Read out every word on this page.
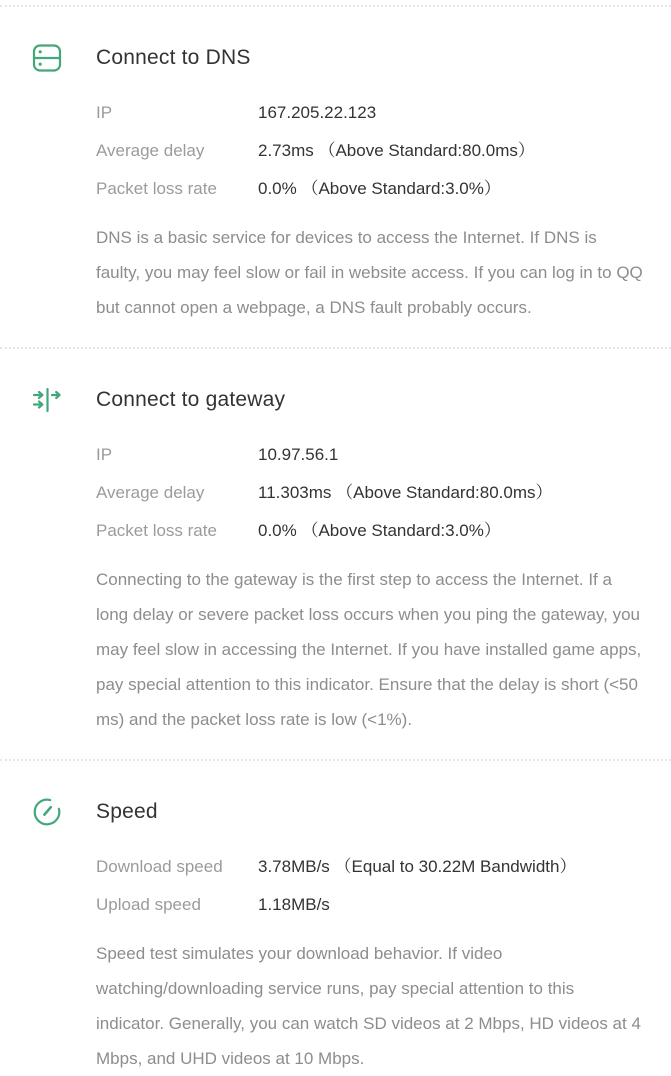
Connect to DNS
IP	167.205.22.123
Average delay	2.73ms （Above Standard:80.0ms）
Packet loss rate	0.0% （Above Standard:3.0%）
DNS is a basic service for devices to access the Internet. If DNS is faulty, you may feel slow or fail in website access. If you can log in to QQ but cannot open a webpage, a DNS fault probably occurs.
Connect to gateway
IP	10.97.56.1
Average delay	11.303ms （Above Standard:80.0ms）
Packet loss rate	0.0% （Above Standard:3.0%）
Connecting to the gateway is the first step to access the Internet. If a long delay or severe packet loss occurs when you ping the gateway, you may feel slow in accessing the Internet. If you have installed game apps, pay special attention to this indicator. Ensure that the delay is short (<50 ms) and the packet loss rate is low (<1%).
Speed
Download speed	3.78MB/s （Equal to 30.22M Bandwidth）
Upload speed	1.18MB/s
Speed test simulates your download behavior. If video watching/downloading service runs, pay special attention to this indicator. Generally, you can watch SD videos at 2 Mbps, HD videos at 4 Mbps, and UHD videos at 10 Mbps.
